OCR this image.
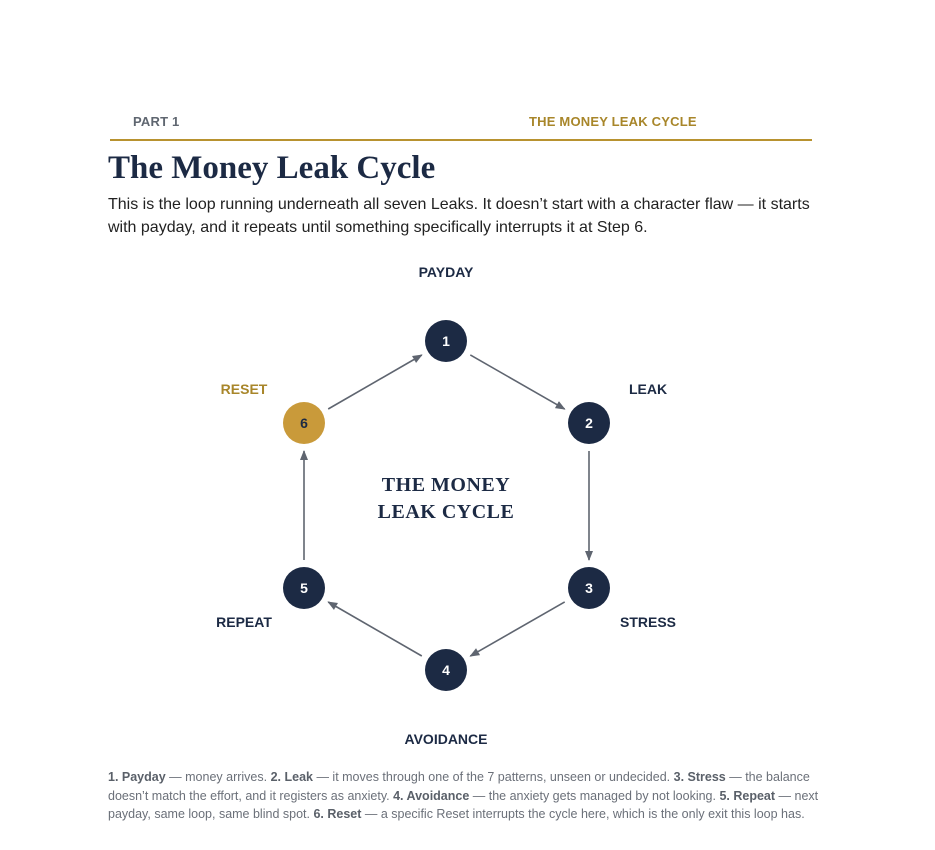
PART 1	THE MONEY LEAK CYCLE
The Money Leak Cycle

This is the loop running underneath all seven Leaks. It doesn’t start with a character flaw — it starts with payday, and it repeats until something specifically interrupts it at Step 6.

1
2
3
4
5
6
PAYDAY
LEAK
STRESS
AVOIDANCE
REPEAT
RESET
THE MONEY
LEAK CYCLE

1. Payday — money arrives. 2. Leak — it moves through one of the 7 patterns, unseen or undecided. 3. Stress — the balance doesn’t match the effort, and it registers as anxiety. 4. Avoidance — the anxiety gets managed by not looking. 5. Repeat — next payday, same loop, same blind spot. 6. Reset — a specific Reset interrupts the cycle here, which is the only exit this loop has.
